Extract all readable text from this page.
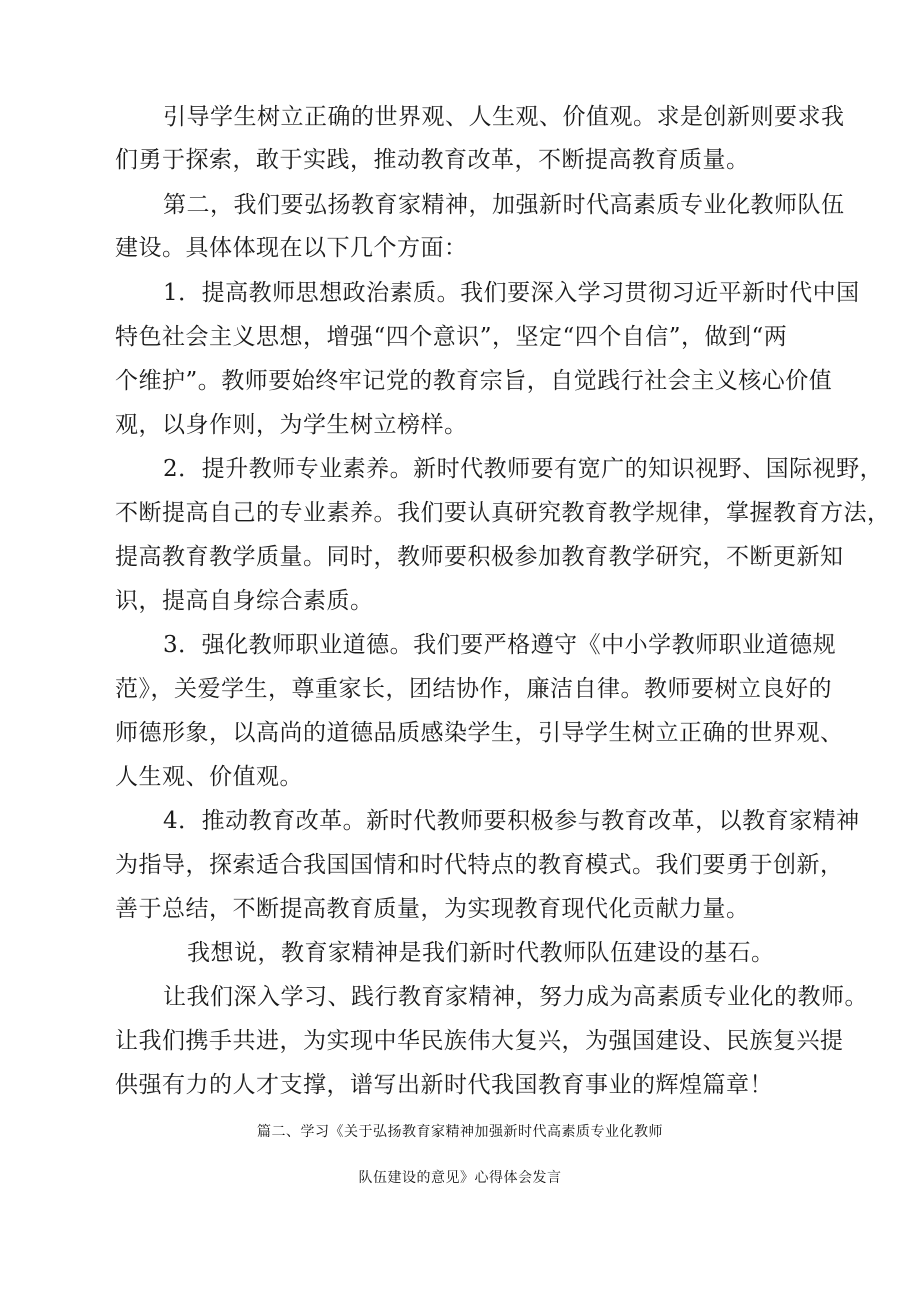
引导学生树立正确的世界观、人生观、价值观。求是创新则要求我
们勇于探索，敢于实践，推动教育改革，不断提高教育质量。
第二，我们要弘扬教育家精神，加强新时代高素质专业化教师队伍
建设。具体体现在以下几个方面：
1．提高教师思想政治素质。我们要深入学习贯彻习近平新时代中国
特色社会主义思想，增强“四个意识”，坚定“四个自信”，做到“两
个维护”。教师要始终牢记党的教育宗旨，自觉践行社会主义核心价值
观，以身作则，为学生树立榜样。
2．提升教师专业素养。新时代教师要有宽广的知识视野、国际视野，
不断提高自己的专业素养。我们要认真研究教育教学规律，掌握教育方法，
提高教育教学质量。同时，教师要积极参加教育教学研究，不断更新知
识，提高自身综合素质。
3．强化教师职业道德。我们要严格遵守《中小学教师职业道德规
范》，关爱学生，尊重家长，团结协作，廉洁自律。教师要树立良好的
师德形象，以高尚的道德品质感染学生，引导学生树立正确的世界观、
人生观、价值观。
4．推动教育改革。新时代教师要积极参与教育改革，以教育家精神
为指导，探索适合我国国情和时代特点的教育模式。我们要勇于创新，
善于总结，不断提高教育质量，为实现教育现代化贡献力量。
我想说，教育家精神是我们新时代教师队伍建设的基石。
让我们深入学习、践行教育家精神，努力成为高素质专业化的教师。
让我们携手共进，为实现中华民族伟大复兴，为强国建设、民族复兴提
供强有力的人才支撑，谱写出新时代我国教育事业的辉煌篇章！
篇二、学习《关于弘扬教育家精神加强新时代高素质专业化教师
队伍建设的意见》心得体会发言
